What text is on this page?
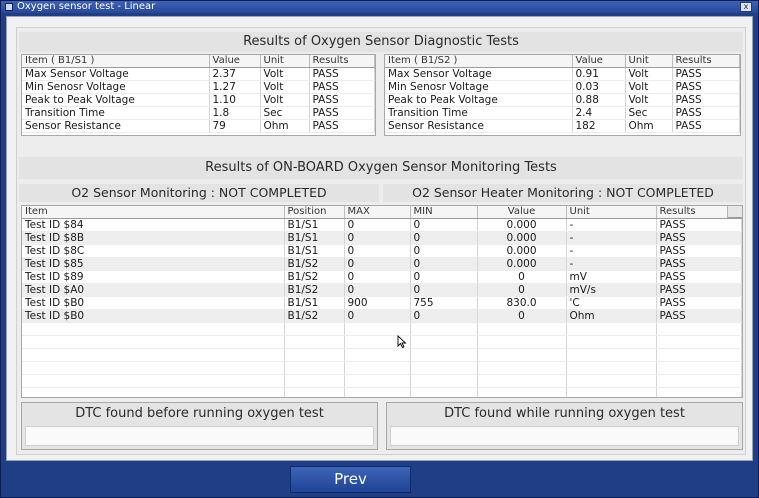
Oxygen sensor test - Linear	x
Results of Oxygen Sensor Diagnostic Tests
Item ( B1/S1 )	Value	Unit	Results
Max Sensor Voltage	2.37	Volt	PASS
Min Senosr Voltage	1.27	Volt	PASS
Peak to Peak Voltage	1.10	Volt	PASS
Transition Time	1.8	Sec	PASS
Sensor Resistance	79	Ohm	PASS
Item ( B1/S2 )	Value	Unit	Results
Max Sensor Voltage	0.91	Volt	PASS
Min Senosr Voltage	0.03	Volt	PASS
Peak to Peak Voltage	0.88	Volt	PASS
Transition Time	2.4	Sec	PASS
Sensor Resistance	182	Ohm	PASS
Results of ON-BOARD Oxygen Sensor Monitoring Tests
O2 Sensor Monitoring : NOT COMPLETED	O2 Sensor Heater Monitoring : NOT COMPLETED
Item	Position	MAX	MIN	Value	Unit	Results
Test ID $84	B1/S1	0	0	0.000	-	PASS
Test ID $8B	B1/S1	0	0	0.000	-	PASS
Test ID $8C	B1/S1	0	0	0.000	-	PASS
Test ID $85	B1/S2	0	0	0.000	-	PASS
Test ID $89	B1/S2	0	0	0	mV	PASS
Test ID $A0	B1/S2	0	0	0	mV/s	PASS
Test ID $B0	B1/S1	900	755	830.0	'C	PASS
Test ID $B0	B1/S2	0	0	0	Ohm	PASS

DTC found before running oxygen test	DTC found while running oxygen test
Prev
